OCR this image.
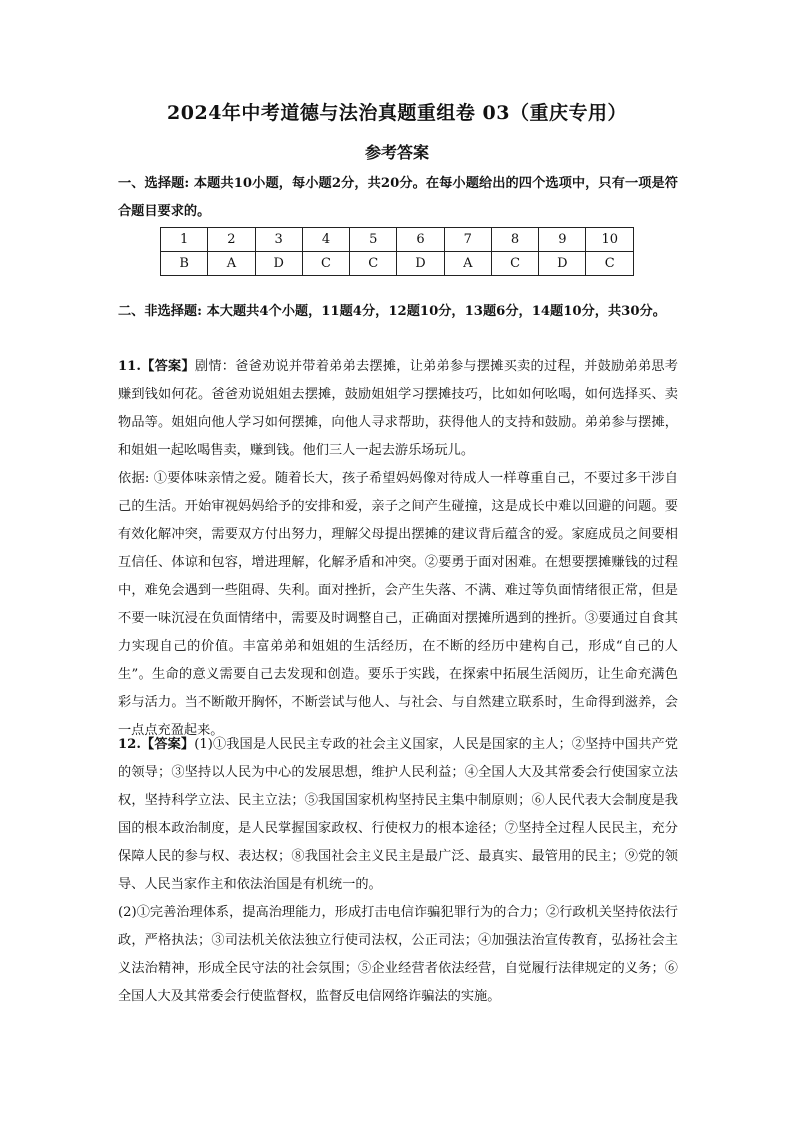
2024年中考道德与法治真题重组卷 03（重庆专用）
参考答案

一、选择题: 本题共10小题，每小题2分，共20分。在每小题给出的四个选项中，只有一项是符合题目要求的。

1	2	3	4	5	6	7	8	9	10
B	A	D	C	C	D	A	C	D	C

二、非选择题: 本大题共4个小题，11题4分，12题10分，13题6分，14题10分，共30分。

11.【答案】剧情：爸爸劝说并带着弟弟去摆摊，让弟弟参与摆摊买卖的过程，并鼓励弟弟思考赚到钱如何花。爸爸劝说姐姐去摆摊，鼓励姐姐学习摆摊技巧，比如如何吆喝，如何选择买、卖物品等。姐姐向他人学习如何摆摊，向他人寻求帮助，获得他人的支持和鼓励。弟弟参与摆摊，和姐姐一起吆喝售卖，赚到钱。他们三人一起去游乐场玩儿。

依据: ①要体味亲情之爱。随着长大，孩子希望妈妈像对待成人一样尊重自己，不要过多干涉自己的生活。开始审视妈妈给予的安排和爱，亲子之间产生碰撞，这是成长中难以回避的问题。要有效化解冲突，需要双方付出努力，理解父母提出摆摊的建议背后蕴含的爱。家庭成员之间要相互信任、体谅和包容，增进理解，化解矛盾和冲突。②要勇于面对困难。在想要摆摊赚钱的过程中，难免会遇到一些阻碍、失利。面对挫折，会产生失落、不满、难过等负面情绪很正常，但是不要一味沉浸在负面情绪中，需要及时调整自己，正确面对摆摊所遇到的挫折。③要通过自食其力实现自己的价值。丰富弟弟和姐姐的生活经历，在不断的经历中建构自己，形成“自己的人生”。生命的意义需要自己去发现和创造。要乐于实践，在探索中拓展生活阅历，让生命充满色彩与活力。当不断敞开胸怀，不断尝试与他人、与社会、与自然建立联系时，生命得到滋养，会一点点充盈起来。

12.【答案】(1)①我国是人民民主专政的社会主义国家，人民是国家的主人；②坚持中国共产党的领导；③坚持以人民为中心的发展思想，维护人民利益；④全国人大及其常委会行使国家立法权，坚持科学立法、民主立法；⑤我国国家机构坚持民主集中制原则；⑥人民代表大会制度是我国的根本政治制度，是人民掌握国家政权、行使权力的根本途径；⑦坚持全过程人民民主，充分保障人民的参与权、表达权；⑧我国社会主义民主是最广泛、最真实、最管用的民主；⑨党的领导、人民当家作主和依法治国是有机统一的。

(2)①完善治理体系，提高治理能力，形成打击电信诈骗犯罪行为的合力；②行政机关坚持依法行政，严格执法；③司法机关依法独立行使司法权，公正司法；④加强法治宣传教育，弘扬社会主义法治精神，形成全民守法的社会氛围；⑤企业经营者依法经营，自觉履行法律规定的义务；⑥全国人大及其常委会行使监督权，监督反电信网络诈骗法的实施。
